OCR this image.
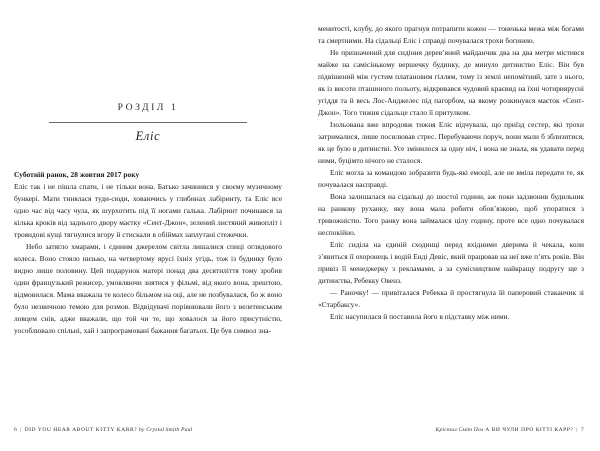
РОЗДІЛ 1
Еліс

Суботній ранок, 28 жовтня 2017 року

Еліс так і не пішла спати, і не тільки вона. Батько зачинився у своєму музичному бункері. Мати тинялася туди-сюди, ховаючись у глибинах лабіринту, та Еліс все одно час від часу чула, як шурхотить під її ногами галька. Лабіринт починався за кілька кроків від заднього двору маєтку «Сент-Джон», зелений листяний живопліт і трояндові кущі тягнулися вгору й стискали в обіймах заплутані стежечки.

Небо затягло хмарами, і єдиним джерелом світла лишалися спиці оглядового колеса. Воно стояло низько, на четвертому ярусі їхніх угідь, тож із будинку було видно лише половину. Цей подарунок матері понад два десятиліття тому зробив один французький режисер, умовляючи знятися у фільмі, від якого вона, зрештою, відмовилася. Мама вважала те колесо більмом на оці, але не позбувалася, бо ж воно було незвичною темою для розмов. Відвідувачі порівнювали його з велетенським ловцем снів, адже вважали, що той чи те, що ховалося за його присутністю, уособлювало спільні, хай і запрограмовані бажання багатьох. Це був символ зна-

6 | DID YOU HEAR ABOUT KITTY KARR? by Crystal Smith Paul

менитості, клубу, до якого прагнув потрапити кожен — тоненька межа між богами та смертними. На сідальці Еліс і справді почувалася трохи богинею.

Не призначений для сидіння дерев’яний майданчик два на два метри містився майже на самісінькому вершечку будинку, де минуло дитинство Еліс. Він був підвішений між густим платановим гіллям, тому із землі непомітний, зате з нього, як із висоти пташиного польоту, відкривався чудовий краєвид на їхні чотириярусні угіддя та й весь Лос-Анджелес під пагорбом, на якому розкинувся маєток «Сент-Джон». Того тижня сідальце стало її притулком.

Ізольована вже впродовж тижня Еліс відчувала, що приїзд сестер, які трохи затрималися, лише посилював стрес. Перебуваючи поруч, вони мали б зблизитися, як це було в дитинстві. Усе змінилося за одну ніч, і вона не знала, як удавати перед ними, буцімто нічого не сталося.

Еліс могла за командою зобразити будь-які емоції, але не вміла передати те, як почувалася насправді.

Вона залишалася на сідальці до шостої години, аж поки задзвонив будильник на ранкову руханку, яку вона мала робити обов’язково, щоб упоратися з тривожністю. Того ранку вона займалася цілу годину, проте все одно почувалася неспокійно.

Еліс сиділа на єдиній сходинці перед вхідними дверима й чекала, коли з’явиться її охоронець і водій Енді Девіс, який працював на неї вже п’ять років. Він привіз її менеджерку з рекламами, а за сумісництвом найкращу подругу ще з дитинства, Ребекку Овенз.

— Раночку! — привіталася Ребекка й простягнула їй паперовий стаканчик зі «Старбаксу».

Еліс насупилася й поставила його в підставку між ними.

Крістал Сміт Пол А ВИ ЧУЛИ ПРО КІТТІ КАРР? | 7
